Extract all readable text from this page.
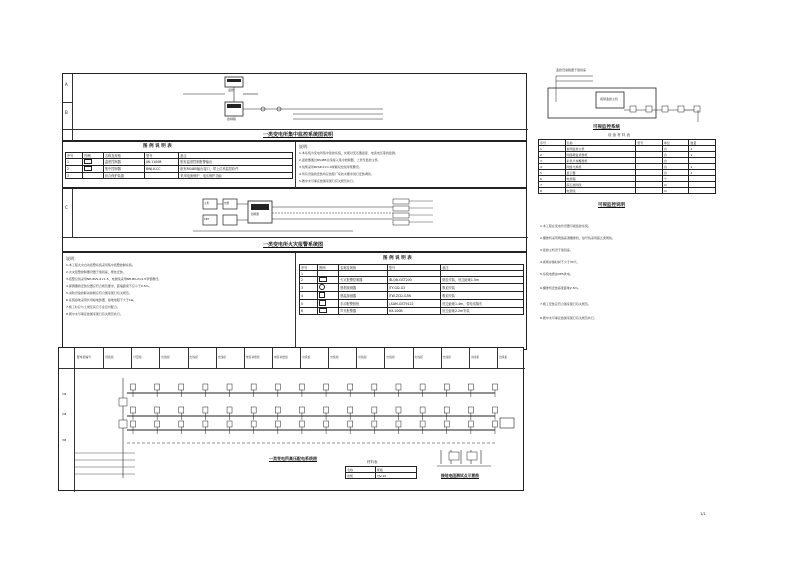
A
B
温控
控制箱
一类变电所集中监控系统图说明
图 例 说 明 表
序号	图例	名称及规格	型号	备注
1		温度控制器	JW-1100B	配有温度控制报警输出
2		集中控制器	BWJ-K-CC	配有RS485输出接口，带上位机监控软件
3		综合保护装置		采用电流保护、电压保护功能
说明：
1.本系统为变电所集中监控系统，实现对变压器温度、电流电压等的监测。
2.温控器通过RS485总线接入集中控制器，上传至监控主机。
3.线缆采用RVSP-2×1.0屏蔽双绞线穿管敷设。
4.所有设备的安装均应按照厂家技术要求进行安装调试。
5.图中未尽事宜按国家现行有关规范执行。
C
主机	电源
CRT
控制器
一类变电所火灾报警系统图
说明：
1.本工程火灾自动报警系统采用集中报警控制系统。
2.火灾报警控制器设置于值班室，壁挂安装。
3.报警总线采用NH-RVS-2×1.5，电源线采用NH-BV-2×2.5穿管敷设。
4.探测器的安装位置应符合规范要求，距墙距梁不应小于0.5m。
5.消防设备的联动控制应符合国家现行有关规范。
6.系统接地采用共用接地装置，接地电阻不大于1Ω。
7.施工时应与土建及其它专业密切配合。
8.图中未尽事宜按国家现行有关规范执行。
图 例 说 明 表
序号	图例	名称及规格	型号	备注
1				
2		火灾报警控制器	JB-QB-GST200	壁挂安装，底边距地1.5m
3		感烟探测器	JTY-GD-G3	吸顶安装
4		感温探测器	JTW-ZCD-G3N	吸顶安装
5		手动报警按钮	J-SAM-GST9122	底边距地1.4m，带电话插孔
6		声光报警器	HX-100B	底边距地2.2m安装
监控设备箱置于值班室
视频监控主机
可视监控系统
设 备 材 料 表
序号	名称	型号	单位	数量
1	视频监控主机		台	1
2	网络硬盘录像机		台	1
3	彩色半球摄像机		台	
4	网络交换机		台	1
5	显示器		台	1
6	电源箱		个	
7	超五类网线		m	
8	电源线		m	
可视监控说明
1.本工程在变电所设置可视监控系统。
2.摄像机采用网络高清摄像机，信号线采用超五类网线。
3.监控主机设于值班室。
4.视频存储时间不少于30天。
5.系统电源由UPS供电。
6.摄像机安装高度距地2.5m。
7.施工安装应符合国家现行有关规范。
8.图中未尽事宜按国家现行有关规范执行。
配电柜编号	进线柜	计量柜	出线柜	出线柜	出线柜	电容补偿柜	电容补偿柜	出线柜	出线柜	出线柜	出线柜	出线柜	出线柜	出线柜	出线柜
1#
2#
3#
一类变电所高压配电系统图
材料表
名称	规格
电缆	YJV-10	接地电阻测试点示意图
1/1
